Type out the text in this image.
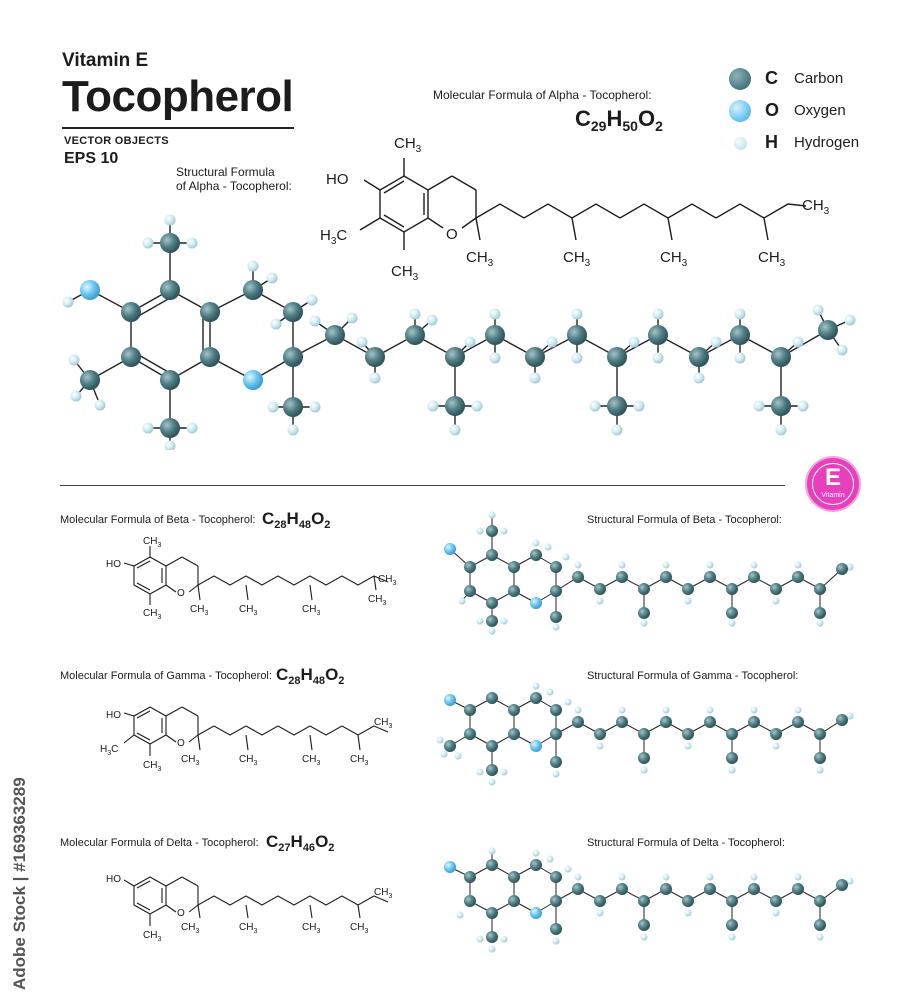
Vitamin E
Tocopherol
VECTOR OBJECTS
EPS 10
Structural Formula
of Alpha - Tocopherol:
Molecular Formula of Alpha - Tocopherol:
$C_{29}H_{50}O_2$
C Carbon
O Oxygen
H Hydrogen
HO
$CH_3$
$H_3C$
$CH_3$
O
$CH_3$	$CH_3$	$CH_3$	$CH_3$
$CH_3$
E
Vitamin
Molecular Formula of Beta - Tocopherol: $C_{28}H_{48}O_2$	Structural Formula of Beta - Tocopherol:
Molecular Formula of Gamma - Tocopherol: $C_{28}H_{48}O_2$	Structural Formula of Gamma - Tocopherol:
Molecular Formula of Delta - Tocopherol: $C_{27}H_{46}O_2$	Structural Formula of Delta - Tocopherol:
HO
$CH_3$
$CH_3$
O
$CH_3$	$CH_3$	$CH_3$
$CH_3$
$CH_3$
HO
$H_3C$
$CH_3$
O
$CH_3$	$CH_3$	$CH_3$	$CH_3$
$CH_3$
HO
$CH_3$
O
$CH_3$	$CH_3$	$CH_3$	$CH_3$
$CH_3$
Adobe Stock | #169363289
